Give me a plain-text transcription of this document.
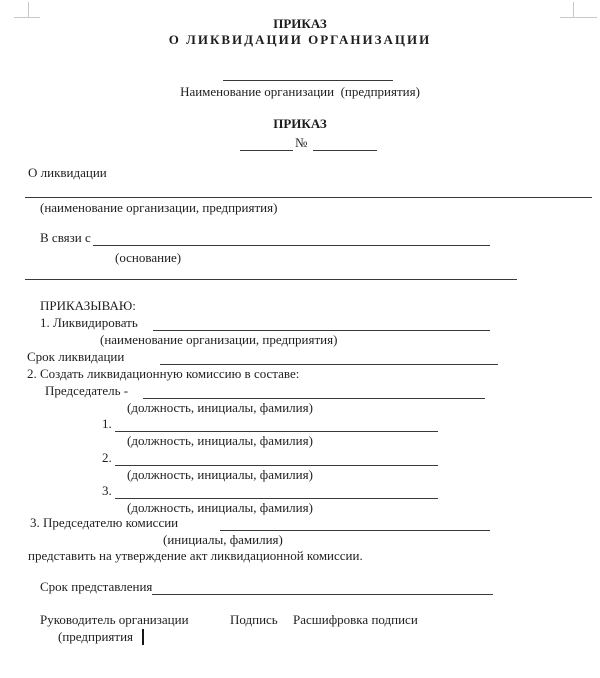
ПРИКАЗ
О ЛИКВИДАЦИИ ОРГАНИЗАЦИИ
Наименование организации  (предприятия)
ПРИКАЗ
№
О ликвидации
(наименование организации, предприятия)
В связи с
(основание)
ПРИКАЗЫВАЮ:
1. Ликвидировать
(наименование организации, предприятия)
Срок ликвидации
2. Создать ликвидационную комиссию в составе:
Председатель -
(должность, инициалы, фамилия)
1.
(должность, инициалы, фамилия)
2.
(должность, инициалы, фамилия)
3.
(должность, инициалы, фамилия)
3. Председателю комиссии
(инициалы, фамилия)
представить на утверждение акт ликвидационной комиссии.
Срок представления
Руководитель организации	Подпись Расшифровка подписи
(предприятия
